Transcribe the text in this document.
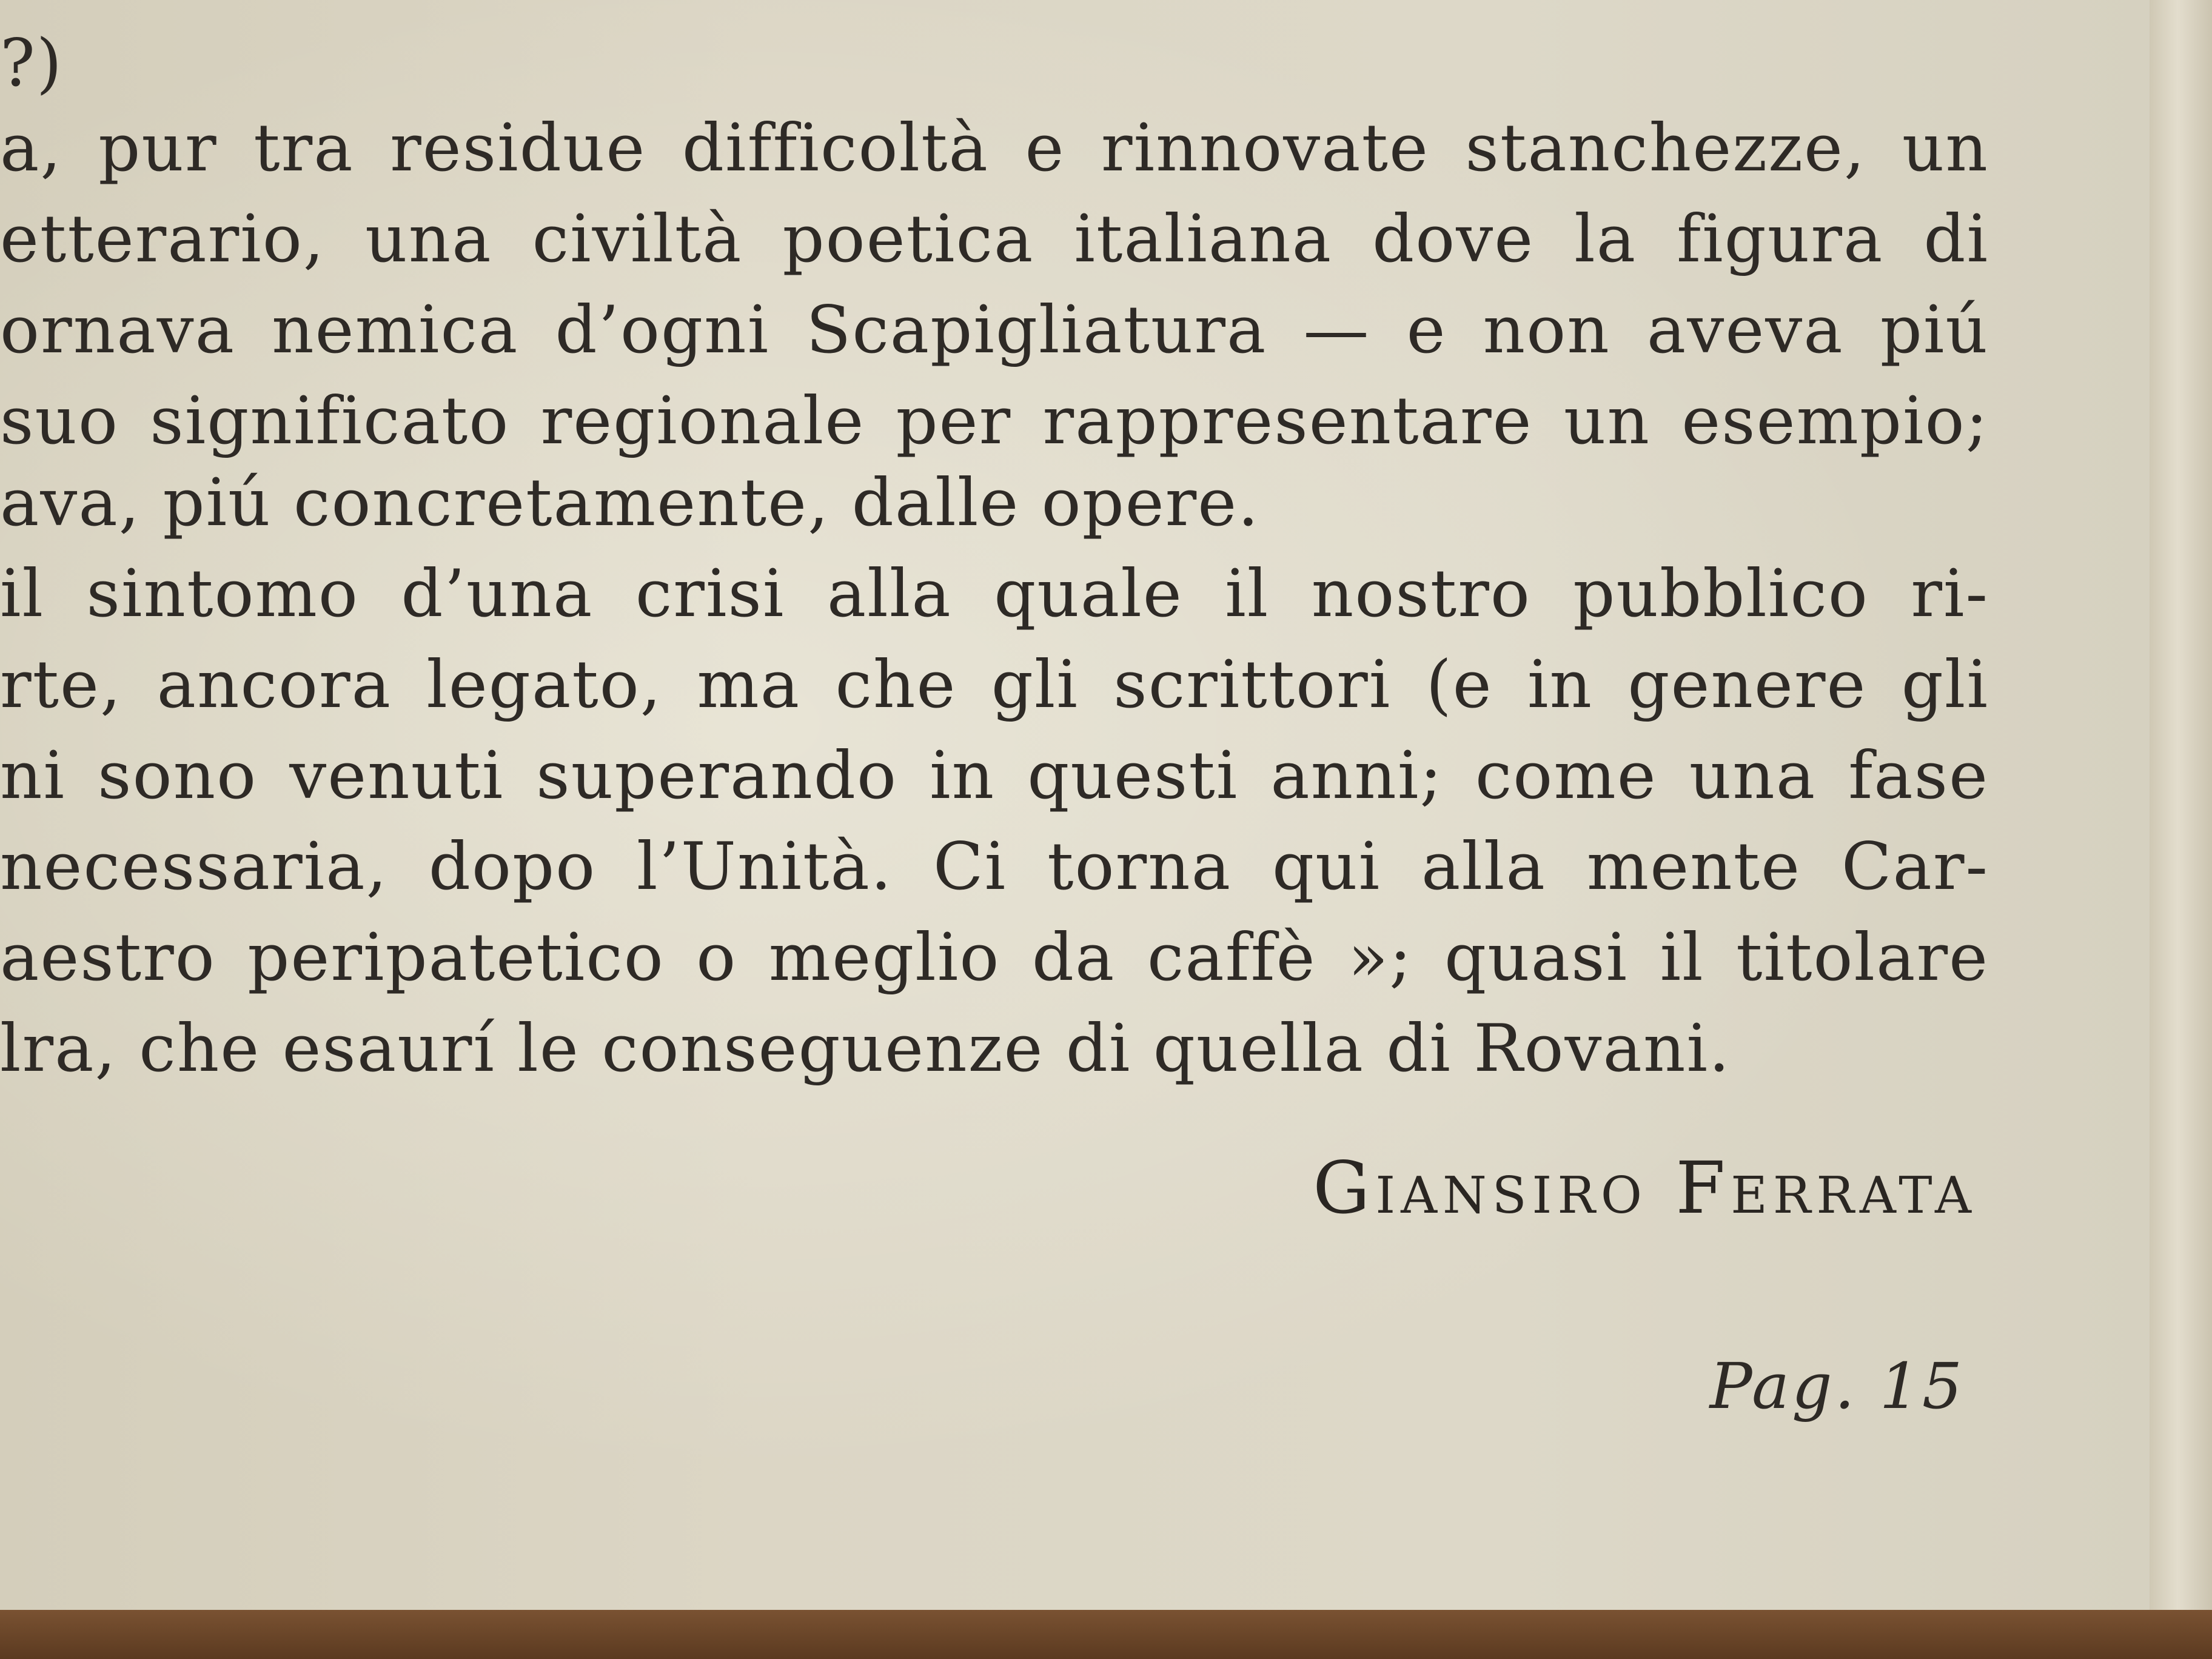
?)
a, pur tra residue difficoltà e rinnovate stanchezze, un
etterario, una civiltà poetica italiana dove la figura di
ornava nemica d’ogni Scapigliatura — e non aveva piú
suo significato regionale per rappresentare un esempio;
ava, piú concretamente, dalle opere.
il sintomo d’una crisi alla quale il nostro pubblico ri-
rte, ancora legato, ma che gli scrittori (e in genere gli
ni sono venuti superando in questi anni; come una fase
necessaria, dopo l’Unità. Ci torna qui alla mente Car-
aestro peripatetico o meglio da caffè »; quasi il titolare
lra, che esaurí le conseguenze di quella di Rovani.
Giansiro Ferrata
Pag. 15
